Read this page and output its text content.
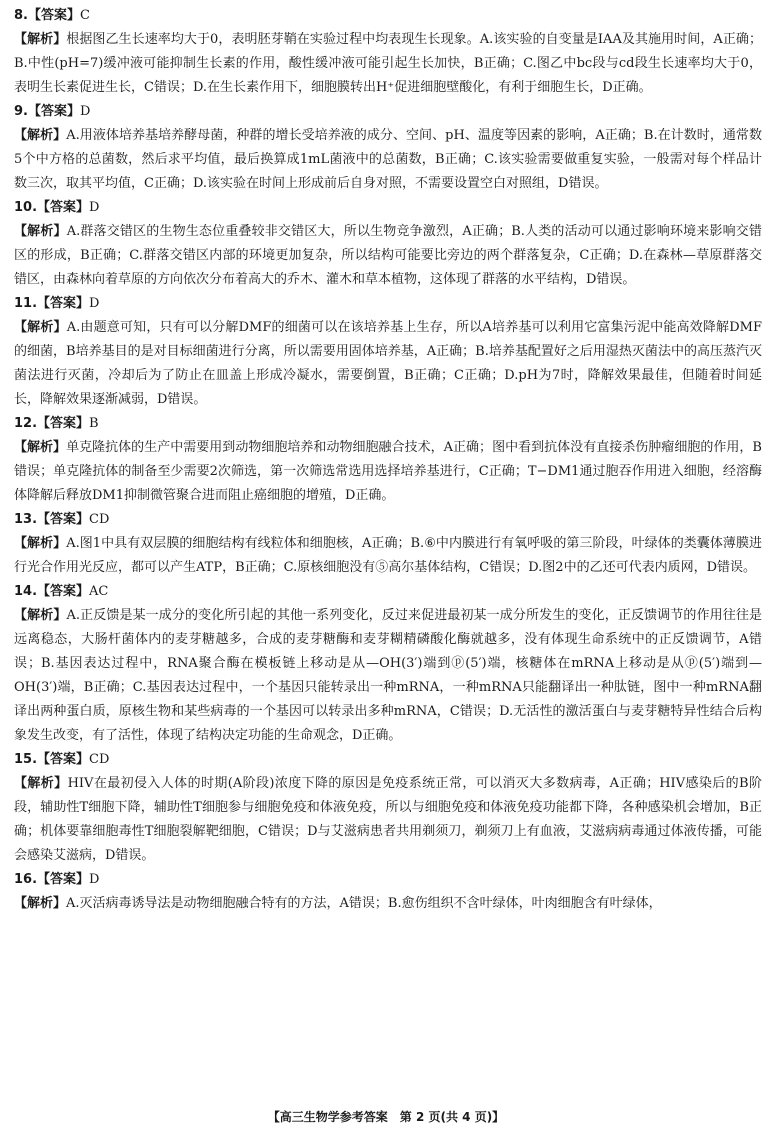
8.【答案】C
【解析】根据图乙生长速率均大于0，表明胚芽鞘在实验过程中均表现生长现象。A.该实验的自变量是IAA及其施用时间，A正确；B.中性(pH=7)缓冲液可能抑制生长素的作用，酸性缓冲液可能引起生长加快，B正确；C.图乙中bc段与cd段生长速率均大于0，表明生长素促进生长，C错误；D.在生长素作用下，细胞膜转出H⁺促进细胞壁酸化，有利于细胞生长，D正确。
9.【答案】D
【解析】A.用液体培养基培养酵母菌，种群的增长受培养液的成分、空间、pH、温度等因素的影响，A正确；B.在计数时，通常数5个中方格的总菌数，然后求平均值，最后换算成1mL菌液中的总菌数，B正确；C.该实验需要做重复实验，一般需对每个样品计数三次，取其平均值，C正确；D.该实验在时间上形成前后自身对照，不需要设置空白对照组，D错误。
10.【答案】D
【解析】A.群落交错区的生物生态位重叠较非交错区大，所以生物竞争激烈，A正确；B.人类的活动可以通过影响环境来影响交错区的形成，B正确；C.群落交错区内部的环境更加复杂，所以结构可能要比旁边的两个群落复杂，C正确；D.在森林—草原群落交错区，由森林向着草原的方向依次分布着高大的乔木、灌木和草本植物，这体现了群落的水平结构，D错误。
11.【答案】D
【解析】A.由题意可知，只有可以分解DMF的细菌可以在该培养基上生存，所以A培养基可以利用它富集污泥中能高效降解DMF的细菌，B培养基目的是对目标细菌进行分离，所以需要用固体培养基，A正确；B.培养基配置好之后用湿热灭菌法中的高压蒸汽灭菌法进行灭菌，冷却后为了防止在皿盖上形成冷凝水，需要倒置，B正确；C正确；D.pH为7时，降解效果最佳，但随着时间延长，降解效果逐渐减弱，D错误。
12.【答案】B
【解析】单克隆抗体的生产中需要用到动物细胞培养和动物细胞融合技术，A正确；图中看到抗体没有直接杀伤肿瘤细胞的作用，B错误；单克隆抗体的制备至少需要2次筛选，第一次筛选常选用选择培养基进行，C正确；T−DM1通过胞吞作用进入细胞，经溶酶体降解后释放DM1抑制微管聚合进而阻止癌细胞的增殖，D正确。
13.【答案】CD
【解析】A.图1中具有双层膜的细胞结构有线粒体和细胞核，A正确；B.⑥中内膜进行有氧呼吸的第三阶段，叶绿体的类囊体薄膜进行光合作用光反应，都可以产生ATP，B正确；C.原核细胞没有⑤高尔基体结构，C错误；D.图2中的乙还可代表内质网，D错误。
14.【答案】AC
【解析】A.正反馈是某一成分的变化所引起的其他一系列变化，反过来促进最初某一成分所发生的变化，正反馈调节的作用往往是远离稳态，大肠杆菌体内的麦芽糖越多，合成的麦芽糖酶和麦芽糊精磷酸化酶就越多，没有体现生命系统中的正反馈调节，A错误；B.基因表达过程中，RNA聚合酶在模板链上移动是从—OH(3′)端到ⓟ(5′)端，核糖体在mRNA上移动是从ⓟ(5′)端到—OH(3′)端，B正确；C.基因表达过程中，一个基因只能转录出一种mRNA，一种mRNA只能翻译出一种肽链，图中一种mRNA翻译出两种蛋白质，原核生物和某些病毒的一个基因可以转录出多种mRNA，C错误；D.无活性的激活蛋白与麦芽糖特异性结合后构象发生改变，有了活性，体现了结构决定功能的生命观念，D正确。
15.【答案】CD
【解析】HIV在最初侵入人体的时期(A阶段)浓度下降的原因是免疫系统正常，可以消灭大多数病毒，A正确；HIV感染后的B阶段，辅助性T细胞下降，辅助性T细胞参与细胞免疫和体液免疫，所以与细胞免疫和体液免疫功能都下降，各种感染机会增加，B正确；机体要靠细胞毒性T细胞裂解靶细胞，C错误；D与艾滋病患者共用剃须刀，剃须刀上有血液，艾滋病病毒通过体液传播，可能会感染艾滋病，D错误。
16.【答案】D
【解析】A.灭活病毒诱导法是动物细胞融合特有的方法，A错误；B.愈伤组织不含叶绿体，叶肉细胞含有叶绿体，
【高三生物学参考答案　第 2 页(共 4 页)】
